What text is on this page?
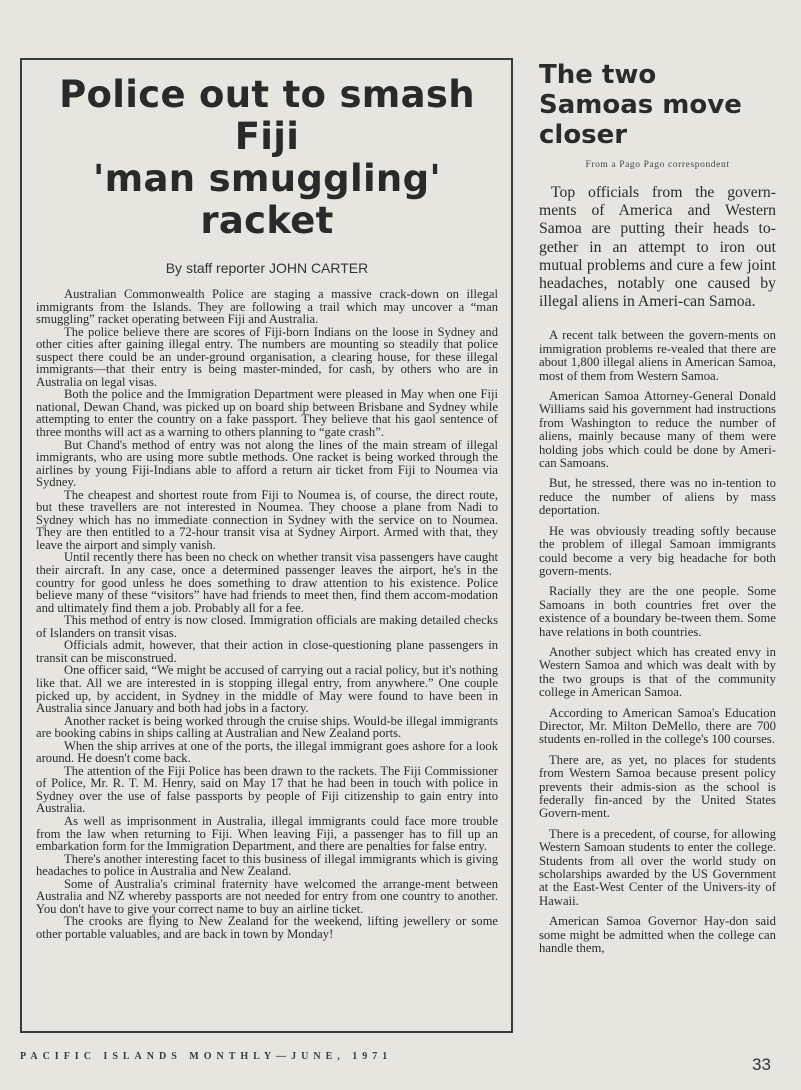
Police out to smash Fiji
'man smuggling' racket
By staff reporter JOHN CARTER

Australian Commonwealth Police are staging a massive crack-down on illegal immigrants from the Islands. They are following a trail which may uncover a “man smuggling” racket operating between Fiji and Australia.

The police believe there are scores of Fiji-born Indians on the loose in Sydney and other cities after gaining illegal entry. The numbers are mounting so steadily that police suspect there could be an under-ground organisation, a clearing house, for these illegal immigrants—that their entry is being master-minded, for cash, by others who are in Australia on legal visas.

Both the police and the Immigration Department were pleased in May when one Fiji national, Dewan Chand, was picked up on board ship between Brisbane and Sydney while attempting to enter the country on a fake passport. They believe that his gaol sentence of three months will act as a warning to others planning to “gate crash”.

But Chand's method of entry was not along the lines of the main stream of illegal immigrants, who are using more subtle methods. One racket is being worked through the airlines by young Fiji-Indians able to afford a return air ticket from Fiji to Noumea via Sydney.

The cheapest and shortest route from Fiji to Noumea is, of course, the direct route, but these travellers are not interested in Noumea. They choose a plane from Nadi to Sydney which has no immediate connection in Sydney with the service on to Noumea. They are then entitled to a 72-hour transit visa at Sydney Airport. Armed with that, they leave the airport and simply vanish.

Until recently there has been no check on whether transit visa passengers have caught their aircraft. In any case, once a determined passenger leaves the airport, he's in the country for good unless he does something to draw attention to his existence. Police believe many of these “visitors” have had friends to meet then, find them accom-modation and ultimately find them a job. Probably all for a fee.

This method of entry is now closed. Immigration officials are making detailed checks of Islanders on transit visas.

Officials admit, however, that their action in close-questioning plane passengers in transit can be misconstrued.

One officer said, “We might be accused of carrying out a racial policy, but it's nothing like that. All we are interested in is stopping illegal entry, from anywhere.” One couple picked up, by accident, in Sydney in the middle of May were found to have been in Australia since January and both had jobs in a factory.

Another racket is being worked through the cruise ships. Would-be illegal immigrants are booking cabins in ships calling at Australian and New Zealand ports.

When the ship arrives at one of the ports, the illegal immigrant goes ashore for a look around. He doesn't come back.

The attention of the Fiji Police has been drawn to the rackets. The Fiji Commissioner of Police, Mr. R. T. M. Henry, said on May 17 that he had been in touch with police in Sydney over the use of false passports by people of Fiji citizenship to gain entry into Australia.

As well as imprisonment in Australia, illegal immigrants could face more trouble from the law when returning to Fiji. When leaving Fiji, a passenger has to fill up an embarkation form for the Immigration Department, and there are penalties for false entry.

There's another interesting facet to this business of illegal immigrants which is giving headaches to police in Australia and New Zealand.

Some of Australia's criminal fraternity have welcomed the arrange-ment between Australia and NZ whereby passports are not needed for entry from one country to another. You don't have to give your correct name to buy an airline ticket.

The crooks are flying to New Zealand for the weekend, lifting jewellery or some other portable valuables, and are back in town by Monday!

The two
Samoas move
closer
From a Pago Pago correspondent

Top officials from the govern-ments of America and Western Samoa are putting their heads to-gether in an attempt to iron out mutual problems and cure a few joint headaches, notably one caused by illegal aliens in Ameri-can Samoa.

A recent talk between the govern-ments on immigration problems re-vealed that there are about 1,800 illegal aliens in American Samoa, most of them from Western Samoa.

American Samoa Attorney-General Donald Williams said his government had instructions from Washington to reduce the number of aliens, mainly because many of them were holding jobs which could be done by Ameri-can Samoans.

But, he stressed, there was no in-tention to reduce the number of aliens by mass deportation.

He was obviously treading softly because the problem of illegal Samoan immigrants could become a very big headache for both govern-ments.

Racially they are the one people. Some Samoans in both countries fret over the existence of a boundary be-tween them. Some have relations in both countries.

Another subject which has created envy in Western Samoa and which was dealt with by the two groups is that of the community college in American Samoa.

According to American Samoa's Education Director, Mr. Milton DeMello, there are 700 students en-rolled in the college's 100 courses.

There are, as yet, no places for students from Western Samoa because present policy prevents their admis-sion as the school is federally fin-anced by the United States Govern-ment.

There is a precedent, of course, for allowing Western Samoan students to enter the college. Students from all over the world study on scholarships awarded by the US Government at the East-West Center of the Univers-ity of Hawaii.

American Samoa Governor Hay-don said some might be admitted when the college can handle them,

PACIFIC ISLANDS MONTHLY—JUNE, 1971	33
